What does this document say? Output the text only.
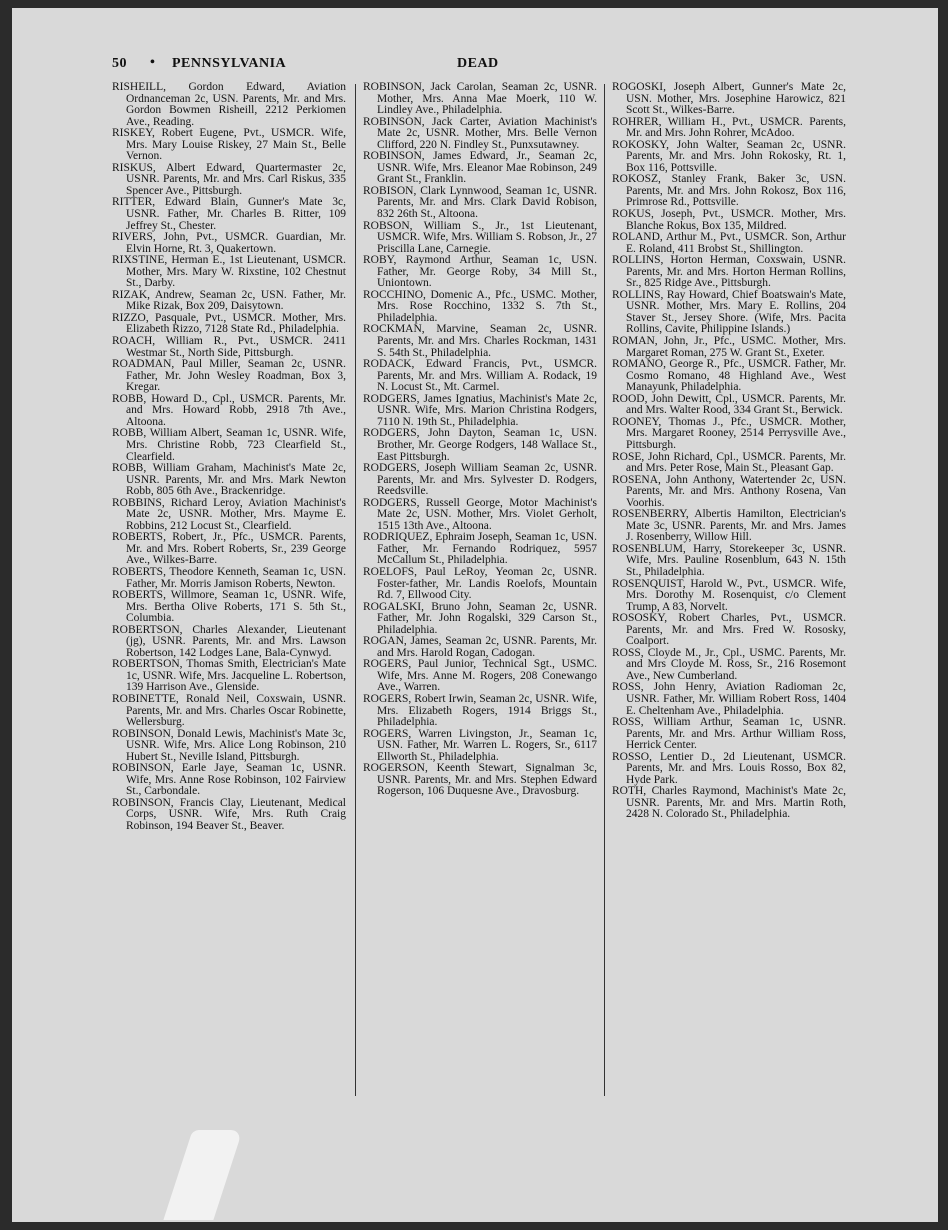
50 • PENNSYLVANIA	DEAD

RISHEILL, Gordon Edward, Aviation Ordnanceman 2c, USN. Parents, Mr. and Mrs. Gordon Bowmen Risheill, 2212 Perkiomen Ave., Reading.

RISKEY, Robert Eugene, Pvt., USMCR. Wife, Mrs. Mary Louise Riskey, 27 Main St., Belle Vernon.

RISKUS, Albert Edward, Quartermaster 2c, USNR. Parents, Mr. and Mrs. Carl Riskus, 335 Spencer Ave., Pittsburgh.

RITTER, Edward Blain, Gunner's Mate 3c, USNR. Father, Mr. Charles B. Ritter, 109 Jeffrey St., Chester.

RIVERS, John, Pvt., USMCR. Guardian, Mr. Elvin Horne, Rt. 3, Quakertown.

RIXSTINE, Herman E., 1st Lieutenant, USMCR. Mother, Mrs. Mary W. Rixstine, 102 Chestnut St., Darby.

RIZAK, Andrew, Seaman 2c, USN. Father, Mr. Mike Rizak, Box 209, Daisytown.

RIZZO, Pasquale, Pvt., USMCR. Mother, Mrs. Elizabeth Rizzo, 7128 State Rd., Philadelphia.

ROACH, William R., Pvt., USMCR. 2411 Westmar St., North Side, Pittsburgh.

ROADMAN, Paul Miller, Seaman 2c, USNR. Father, Mr. John Wesley Roadman, Box 3, Kregar.

ROBB, Howard D., Cpl., USMCR. Parents, Mr. and Mrs. Howard Robb, 2918 7th Ave., Altoona.

ROBB, William Albert, Seaman 1c, USNR. Wife, Mrs. Christine Robb, 723 Clearfield St., Clearfield.

ROBB, William Graham, Machinist's Mate 2c, USNR. Parents, Mr. and Mrs. Mark Newton Robb, 805 6th Ave., Brackenridge.

ROBBINS, Richard Leroy, Aviation Machinist's Mate 2c, USNR. Mother, Mrs. Mayme E. Robbins, 212 Locust St., Clearfield.

ROBERTS, Robert, Jr., Pfc., USMCR. Parents, Mr. and Mrs. Robert Roberts, Sr., 239 George Ave., Wilkes-Barre.

ROBERTS, Theodore Kenneth, Seaman 1c, USN. Father, Mr. Morris Jamison Roberts, Newton.

ROBERTS, Willmore, Seaman 1c, USNR. Wife, Mrs. Bertha Olive Roberts, 171 S. 5th St., Columbia.

ROBERTSON, Charles Alexander, Lieutenant (jg), USNR. Parents, Mr. and Mrs. Lawson Robertson, 142 Lodges Lane, Bala-Cynwyd.

ROBERTSON, Thomas Smith, Electrician's Mate 1c, USNR. Wife, Mrs. Jacqueline L. Robertson, 139 Harrison Ave., Glenside.

ROBINETTE, Ronald Neil, Coxswain, USNR. Parents, Mr. and Mrs. Charles Oscar Robinette, Wellersburg.

ROBINSON, Donald Lewis, Machinist's Mate 3c, USNR. Wife, Mrs. Alice Long Robinson, 210 Hubert St., Neville Island, Pittsburgh.

ROBINSON, Earle Jaye, Seaman 1c, USNR. Wife, Mrs. Anne Rose Robinson, 102 Fairview St., Carbondale.

ROBINSON, Francis Clay, Lieutenant, Medical Corps, USNR. Wife, Mrs. Ruth Craig Robinson, 194 Beaver St., Beaver.

ROBINSON, Jack Carolan, Seaman 2c, USNR. Mother, Mrs. Anna Mae Moerk, 110 W. Lindley Ave., Philadelphia.

ROBINSON, Jack Carter, Aviation Machinist's Mate 2c, USNR. Mother, Mrs. Belle Vernon Clifford, 220 N. Findley St., Punxsutawney.

ROBINSON, James Edward, Jr., Seaman 2c, USNR. Wife, Mrs. Eleanor Mae Robinson, 249 Grant St., Franklin.

ROBISON, Clark Lynnwood, Seaman 1c, USNR. Parents, Mr. and Mrs. Clark David Robison, 832 26th St., Altoona.

ROBSON, William S., Jr., 1st Lieutenant, USMCR. Wife, Mrs. William S. Robson, Jr., 27 Priscilla Lane, Carnegie.

ROBY, Raymond Arthur, Seaman 1c, USN. Father, Mr. George Roby, 34 Mill St., Uniontown.

ROCCHINO, Domenic A., Pfc., USMC. Mother, Mrs. Rose Rocchino, 1332 S. 7th St., Philadelphia.

ROCKMAN, Marvine, Seaman 2c, USNR. Parents, Mr. and Mrs. Charles Rockman, 1431 S. 54th St., Philadelphia.

RODACK, Edward Francis, Pvt., USMCR. Parents, Mr. and Mrs. William A. Rodack, 19 N. Locust St., Mt. Carmel.

RODGERS, James Ignatius, Machinist's Mate 2c, USNR. Wife, Mrs. Marion Christina Rodgers, 7110 N. 19th St., Philadelphia.

RODGERS, John Dayton, Seaman 1c, USN. Brother, Mr. George Rodgers, 148 Wallace St., East Pittsburgh.

RODGERS, Joseph William Seaman 2c, USNR. Parents, Mr. and Mrs. Sylvester D. Rodgers, Reedsville.

RODGERS, Russell George, Motor Machinist's Mate 2c, USN. Mother, Mrs. Violet Gerholt, 1515 13th Ave., Altoona.

RODRIQUEZ, Ephraim Joseph, Seaman 1c, USN. Father, Mr. Fernando Rodriquez, 5957 McCallum St., Philadelphia.

ROELOFS, Paul LeRoy, Yeoman 2c, USNR. Foster-father, Mr. Landis Roelofs, Mountain Rd. 7, Ellwood City.

ROGALSKI, Bruno John, Seaman 2c, USNR. Father, Mr. John Rogalski, 329 Carson St., Philadelphia.

ROGAN, James, Seaman 2c, USNR. Parents, Mr. and Mrs. Harold Rogan, Cadogan.

ROGERS, Paul Junior, Technical Sgt., USMC. Wife, Mrs. Anne M. Rogers, 208 Conewango Ave., Warren.

ROGERS, Robert Irwin, Seaman 2c, USNR. Wife, Mrs. Elizabeth Rogers, 1914 Briggs St., Philadelphia.

ROGERS, Warren Livingston, Jr., Seaman 1c, USN. Father, Mr. Warren L. Rogers, Sr., 6117 Ellworth St., Philadelphia.

ROGERSON, Keenth Stewart, Signalman 3c, USNR. Parents, Mr. and Mrs. Stephen Edward Rogerson, 106 Duquesne Ave., Dravosburg.

ROGOSKI, Joseph Albert, Gunner's Mate 2c, USN. Mother, Mrs. Josephine Harowicz, 821 Scott St., Wilkes-Barre.

ROHRER, William H., Pvt., USMCR. Parents, Mr. and Mrs. John Rohrer, McAdoo.

ROKOSKY, John Walter, Seaman 2c, USNR. Parents, Mr. and Mrs. John Rokosky, Rt. 1, Box 116, Pottsville.

ROKOSZ, Stanley Frank, Baker 3c, USN. Parents, Mr. and Mrs. John Rokosz, Box 116, Primrose Rd., Pottsville.

ROKUS, Joseph, Pvt., USMCR. Mother, Mrs. Blanche Rokus, Box 135, Mildred.

ROLAND, Arthur M., Pvt., USMCR. Son, Arthur E. Roland, 411 Brobst St., Shillington.

ROLLINS, Horton Herman, Coxswain, USNR. Parents, Mr. and Mrs. Horton Herman Rollins, Sr., 825 Ridge Ave., Pittsburgh.

ROLLINS, Ray Howard, Chief Boatswain's Mate, USNR. Mother, Mrs. Mary E. Rollins, 204 Staver St., Jersey Shore. (Wife, Mrs. Pacita Rollins, Cavite, Philippine Islands.)

ROMAN, John, Jr., Pfc., USMC. Mother, Mrs. Margaret Roman, 275 W. Grant St., Exeter.

ROMANO, George R., Pfc., USMCR. Father, Mr. Cosmo Romano, 48 Highland Ave., West Manayunk, Philadelphia.

ROOD, John Dewitt, Cpl., USMCR. Parents, Mr. and Mrs. Walter Rood, 334 Grant St., Berwick.

ROONEY, Thomas J., Pfc., USMCR. Mother, Mrs. Margaret Rooney, 2514 Perrysville Ave., Pittsburgh.

ROSE, John Richard, Cpl., USMCR. Parents, Mr. and Mrs. Peter Rose, Main St., Pleasant Gap.

ROSENA, John Anthony, Watertender 2c, USN. Parents, Mr. and Mrs. Anthony Rosena, Van Voorhis.

ROSENBERRY, Albertis Hamilton, Electrician's Mate 3c, USNR. Parents, Mr. and Mrs. James J. Rosenberry, Willow Hill.

ROSENBLUM, Harry, Storekeeper 3c, USNR. Wife, Mrs. Pauline Rosenblum, 643 N. 15th St., Philadelphia.

ROSENQUIST, Harold W., Pvt., USMCR. Wife, Mrs. Dorothy M. Rosenquist, c/o Clement Trump, A 83, Norvelt.

ROSOSKY, Robert Charles, Pvt., USMCR. Parents, Mr. and Mrs. Fred W. Rososky, Coalport.

ROSS, Cloyde M., Jr., Cpl., USMC. Parents, Mr. and Mrs Cloyde M. Ross, Sr., 216 Rosemont Ave., New Cumberland.

ROSS, John Henry, Aviation Radioman 2c, USNR. Father, Mr. William Robert Ross, 1404 E. Cheltenham Ave., Philadelphia.

ROSS, William Arthur, Seaman 1c, USNR. Parents, Mr. and Mrs. Arthur William Ross, Herrick Center.

ROSSO, Lentier D., 2d Lieutenant, USMCR. Parents, Mr. and Mrs. Louis Rosso, Box 82, Hyde Park.

ROTH, Charles Raymond, Machinist's Mate 2c, USNR. Parents, Mr. and Mrs. Martin Roth, 2428 N. Colorado St., Philadelphia.
